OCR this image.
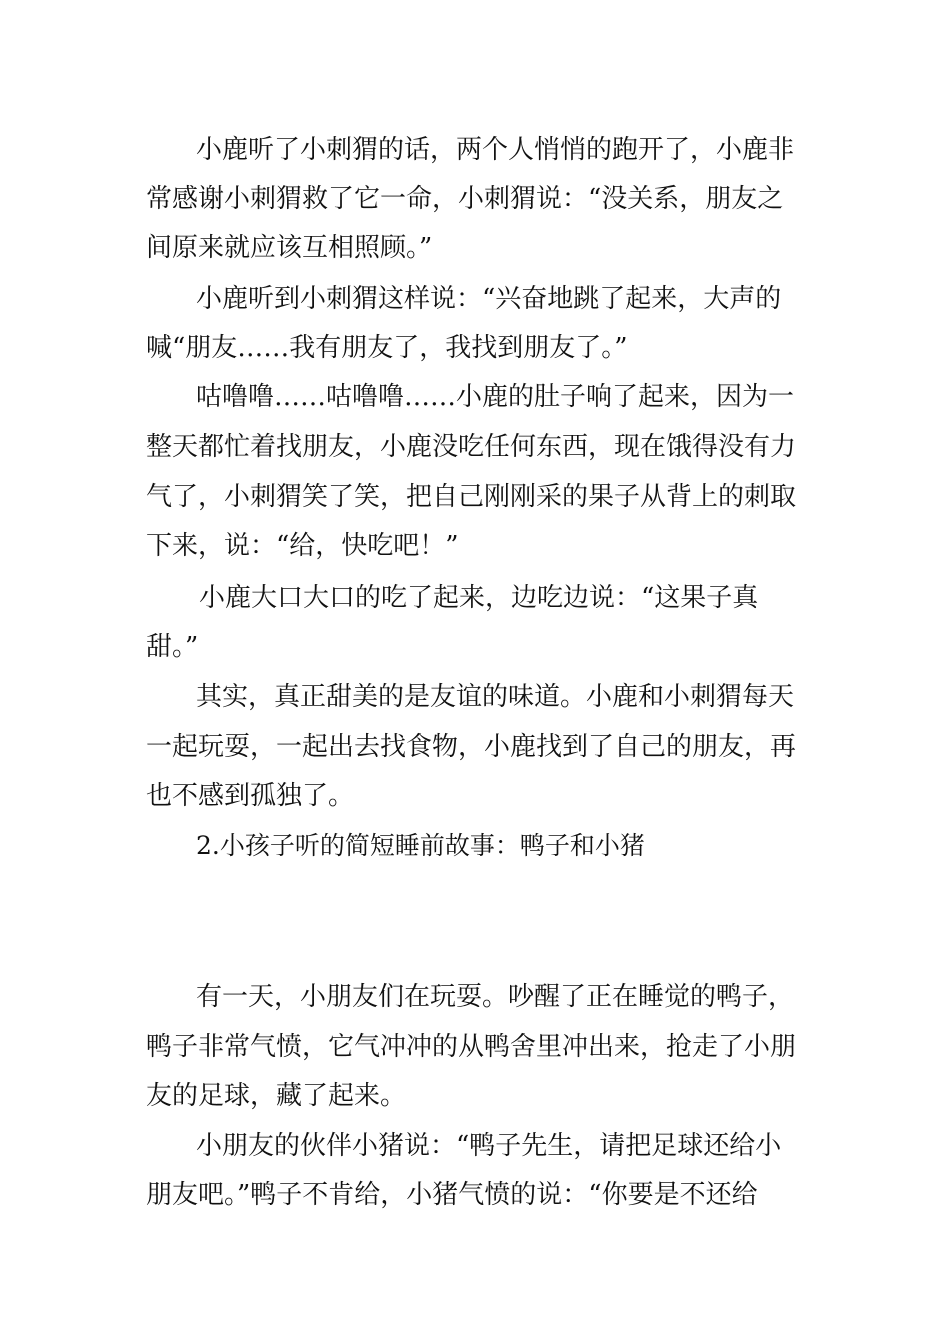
小鹿听了小刺猬的话，两个人悄悄的跑开了，小鹿非

常感谢小刺猬救了它一命，小刺猬说：“没关系，朋友之

间原来就应该互相照顾。”

小鹿听到小刺猬这样说：“兴奋地跳了起来，大声的

喊“朋友……我有朋友了，我找到朋友了。”

咕噜噜……咕噜噜……小鹿的肚子响了起来，因为一

整天都忙着找朋友，小鹿没吃任何东西，现在饿得没有力

气了，小刺猬笑了笑，把自己刚刚采的果子从背上的刺取

下来，说：“给，快吃吧！”

小鹿大口大口的吃了起来，边吃边说：“这果子真

甜。”

其实，真正甜美的是友谊的味道。小鹿和小刺猬每天

一起玩耍，一起出去找食物，小鹿找到了自己的朋友，再

也不感到孤独了。

2.小孩子听的简短睡前故事：鸭子和小猪

有一天，小朋友们在玩耍。吵醒了正在睡觉的鸭子，

鸭子非常气愤，它气冲冲的从鸭舍里冲出来，抢走了小朋

友的足球，藏了起来。

小朋友的伙伴小猪说：“鸭子先生，请把足球还给小

朋友吧。”鸭子不肯给，小猪气愤的说：“你要是不还给
